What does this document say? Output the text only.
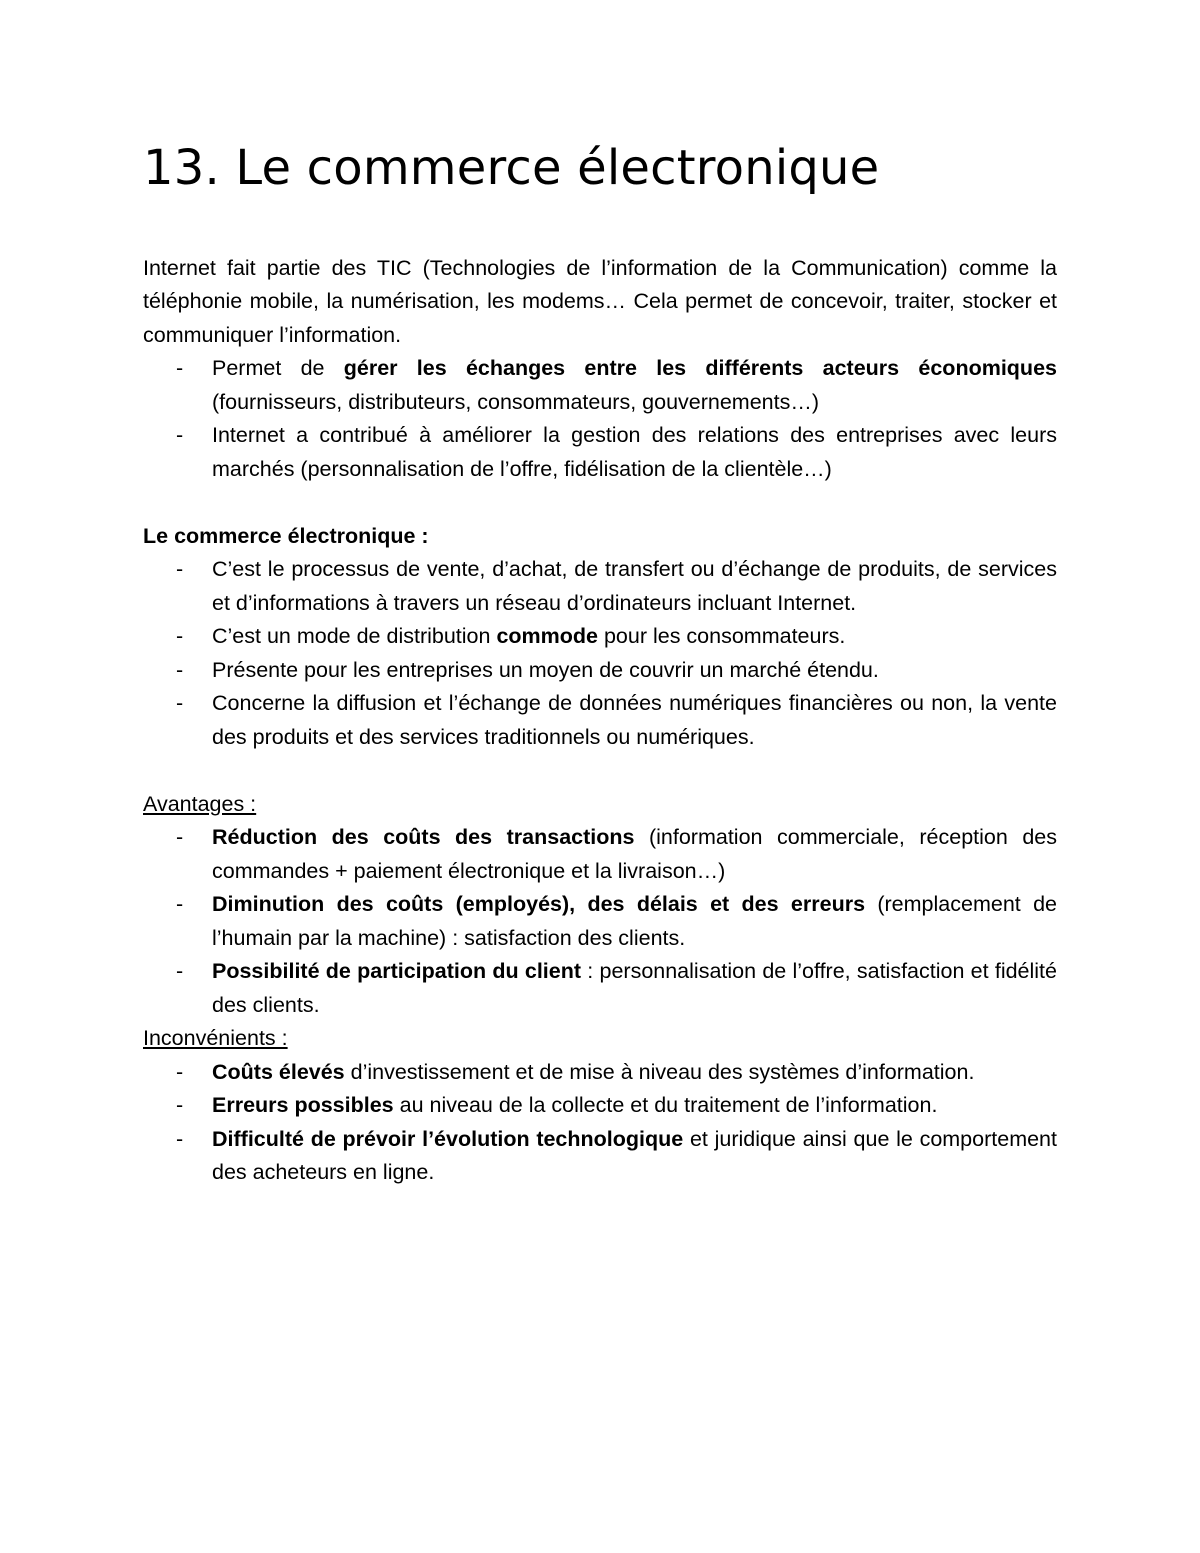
13. Le commerce électronique

Internet fait partie des TIC (Technologies de l’information de la Communication) comme la téléphonie mobile, la numérisation, les modems… Cela permet de concevoir, traiter, stocker et communiquer l’information.

- Permet de gérer les échanges entre les différents acteurs économiques (fournisseurs, distributeurs, consommateurs, gouvernements…)
- Internet a contribué à améliorer la gestion des relations des entreprises avec leurs marchés (personnalisation de l’offre, fidélisation de la clientèle…)

Le commerce électronique :

- C’est le processus de vente, d’achat, de transfert ou d’échange de produits, de services et d’informations à travers un réseau d’ordinateurs incluant Internet.
- C’est un mode de distribution commode pour les consommateurs.
- Présente pour les entreprises un moyen de couvrir un marché étendu.
- Concerne la diffusion et l’échange de données numériques financières ou non, la vente des produits et des services traditionnels ou numériques.

Avantages :

- Réduction des coûts des transactions (information commerciale, réception des commandes + paiement électronique et la livraison…)
- Diminution des coûts (employés), des délais et des erreurs (remplacement de l’humain par la machine) : satisfaction des clients.
- Possibilité de participation du client : personnalisation de l’offre, satisfaction et fidélité des clients.

Inconvénients :

- Coûts élevés d’investissement et de mise à niveau des systèmes d’information.
- Erreurs possibles au niveau de la collecte et du traitement de l’information.
- Difficulté de prévoir l’évolution technologique et juridique ainsi que le comportement des acheteurs en ligne.
